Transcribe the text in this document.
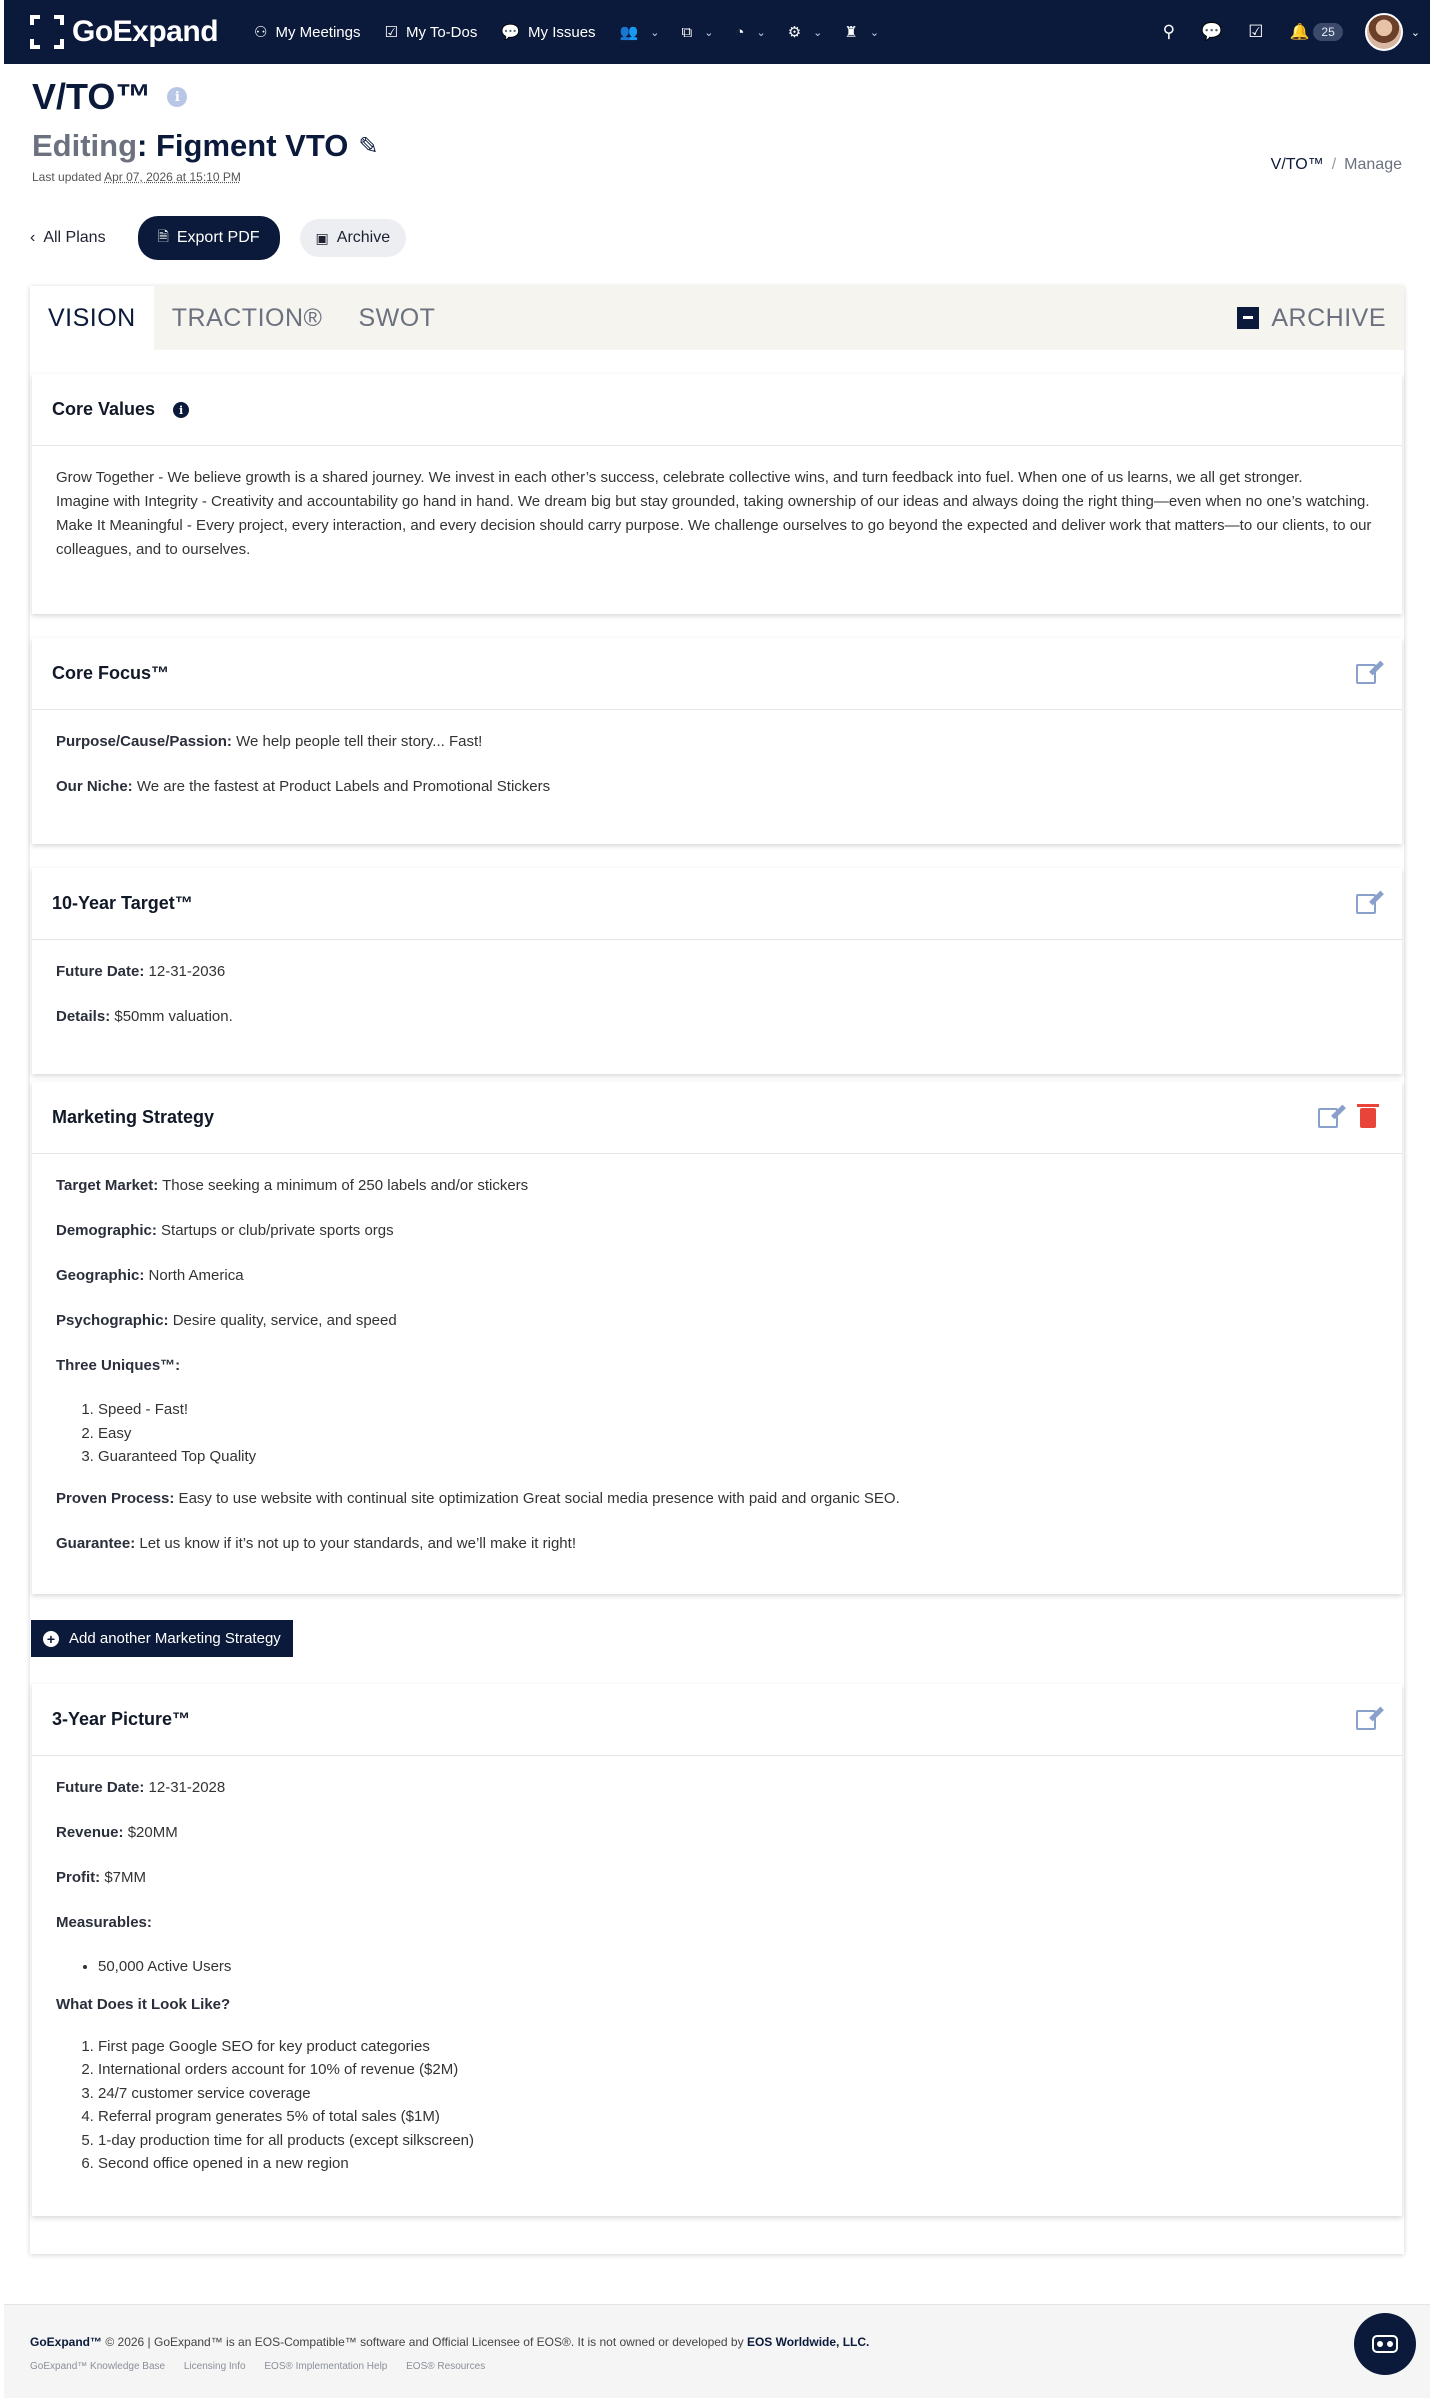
GoExpand ⚇ My Meetings ☑ My To-Dos 💬 My Issues 👥 ⌄ ⧉ ⌄ ◔ ⌄ ⚙ ⌄ ♜ ⌄	⚲ 💬 ☑ 🔔	25	⌄
V/TO™	i
Editing : Figment VTO ✎
Last updated Apr 07, 2026 at 15:10 PM
V/TO™ / Manage
‹ All Plans	🗎 Export PDF	▣ Archive
VISION	TRACTION®	SWOT	ARCHIVE
Core Values i
Grow Together - We believe growth is a shared journey. We invest in each other’s success, celebrate collective wins, and turn feedback into fuel. When one of us learns, we all get stronger.
Imagine with Integrity - Creativity and accountability go hand in hand. We dream big but stay grounded, taking ownership of our ideas and always doing the right thing—even when no one’s watching.
Make It Meaningful - Every project, every interaction, and every decision should carry purpose. We challenge ourselves to go beyond the expected and deliver work that matters—to our clients, to our colleagues, and to ourselves.
Core Focus™
Purpose/Cause/Passion: We help people tell their story... Fast!
Our Niche: We are the fastest at Product Labels and Promotional Stickers
10-Year Target™
Future Date: 12-31-2036
Details: $50mm valuation.
Marketing Strategy
Target Market: Those seeking a minimum of 250 labels and/or stickers
Demographic: Startups or club/private sports orgs
Geographic: North America
Psychographic: Desire quality, service, and speed
Three Uniques™:
1. Speed - Fast!
2. Easy
3. Guaranteed Top Quality
Proven Process: Easy to use website with continual site optimization Great social media presence with paid and organic SEO.
Guarantee: Let us know if it’s not up to your standards, and we’ll make it right!
+ Add another Marketing Strategy
3-Year Picture™
Future Date: 12-31-2028
Revenue: $20MM
Profit: $7MM
Measurables:
• 50,000 Active Users
What Does it Look Like?
1. First page Google SEO for key product categories
2. International orders account for 10% of revenue ($2M)
3. 24/7 customer service coverage
4. Referral program generates 5% of total sales ($1M)
5. 1-day production time for all products (except silkscreen)
6. Second office opened in a new region
GoExpand™ © 2026 | GoExpand™ is an EOS-Compatible™ software and Official Licensee of EOS®. It is not owned or developed by EOS Worldwide, LLC.
GoExpand™ Knowledge Base Licensing Info EOS® Implementation Help EOS® Resources
